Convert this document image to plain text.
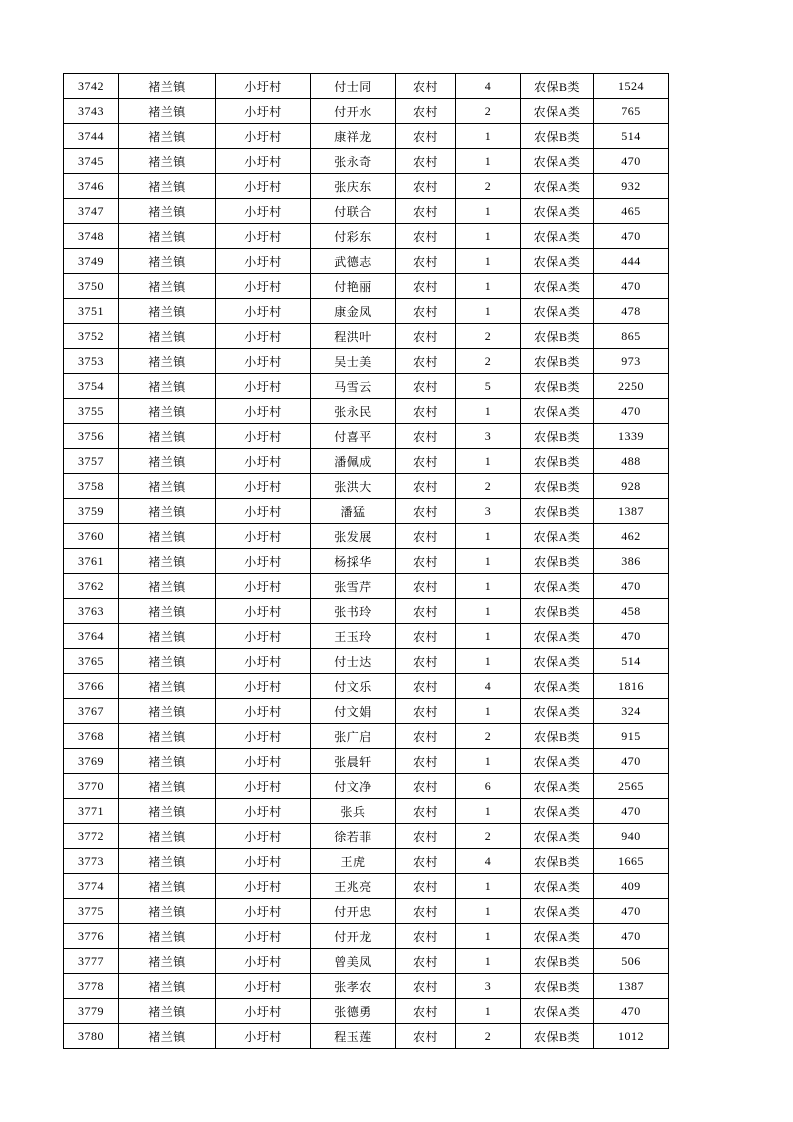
3742	褚兰镇	小圩村	付士同	农村	4	农保B类	1524
3743	褚兰镇	小圩村	付开水	农村	2	农保A类	765
3744	褚兰镇	小圩村	康祥龙	农村	1	农保B类	514
3745	褚兰镇	小圩村	张永奇	农村	1	农保A类	470
3746	褚兰镇	小圩村	张庆东	农村	2	农保A类	932
3747	褚兰镇	小圩村	付联合	农村	1	农保A类	465
3748	褚兰镇	小圩村	付彩东	农村	1	农保A类	470
3749	褚兰镇	小圩村	武德志	农村	1	农保A类	444
3750	褚兰镇	小圩村	付艳丽	农村	1	农保A类	470
3751	褚兰镇	小圩村	康金凤	农村	1	农保A类	478
3752	褚兰镇	小圩村	程洪叶	农村	2	农保B类	865
3753	褚兰镇	小圩村	吴士美	农村	2	农保B类	973
3754	褚兰镇	小圩村	马雪云	农村	5	农保B类	2250
3755	褚兰镇	小圩村	张永民	农村	1	农保A类	470
3756	褚兰镇	小圩村	付喜平	农村	3	农保B类	1339
3757	褚兰镇	小圩村	潘佩成	农村	1	农保B类	488
3758	褚兰镇	小圩村	张洪大	农村	2	农保B类	928
3759	褚兰镇	小圩村	潘猛	农村	3	农保B类	1387
3760	褚兰镇	小圩村	张发展	农村	1	农保A类	462
3761	褚兰镇	小圩村	杨採华	农村	1	农保B类	386
3762	褚兰镇	小圩村	张雪芹	农村	1	农保A类	470
3763	褚兰镇	小圩村	张书玲	农村	1	农保B类	458
3764	褚兰镇	小圩村	王玉玲	农村	1	农保A类	470
3765	褚兰镇	小圩村	付士达	农村	1	农保A类	514
3766	褚兰镇	小圩村	付文乐	农村	4	农保A类	1816
3767	褚兰镇	小圩村	付文娟	农村	1	农保A类	324
3768	褚兰镇	小圩村	张广启	农村	2	农保B类	915
3769	褚兰镇	小圩村	张晨轩	农村	1	农保A类	470
3770	褚兰镇	小圩村	付文净	农村	6	农保A类	2565
3771	褚兰镇	小圩村	张兵	农村	1	农保A类	470
3772	褚兰镇	小圩村	徐若菲	农村	2	农保A类	940
3773	褚兰镇	小圩村	王虎	农村	4	农保B类	1665
3774	褚兰镇	小圩村	王兆亮	农村	1	农保A类	409
3775	褚兰镇	小圩村	付开忠	农村	1	农保A类	470
3776	褚兰镇	小圩村	付开龙	农村	1	农保A类	470
3777	褚兰镇	小圩村	曾美凤	农村	1	农保B类	506
3778	褚兰镇	小圩村	张孝农	农村	3	农保B类	1387
3779	褚兰镇	小圩村	张德勇	农村	1	农保A类	470
3780	褚兰镇	小圩村	程玉莲	农村	2	农保B类	1012
